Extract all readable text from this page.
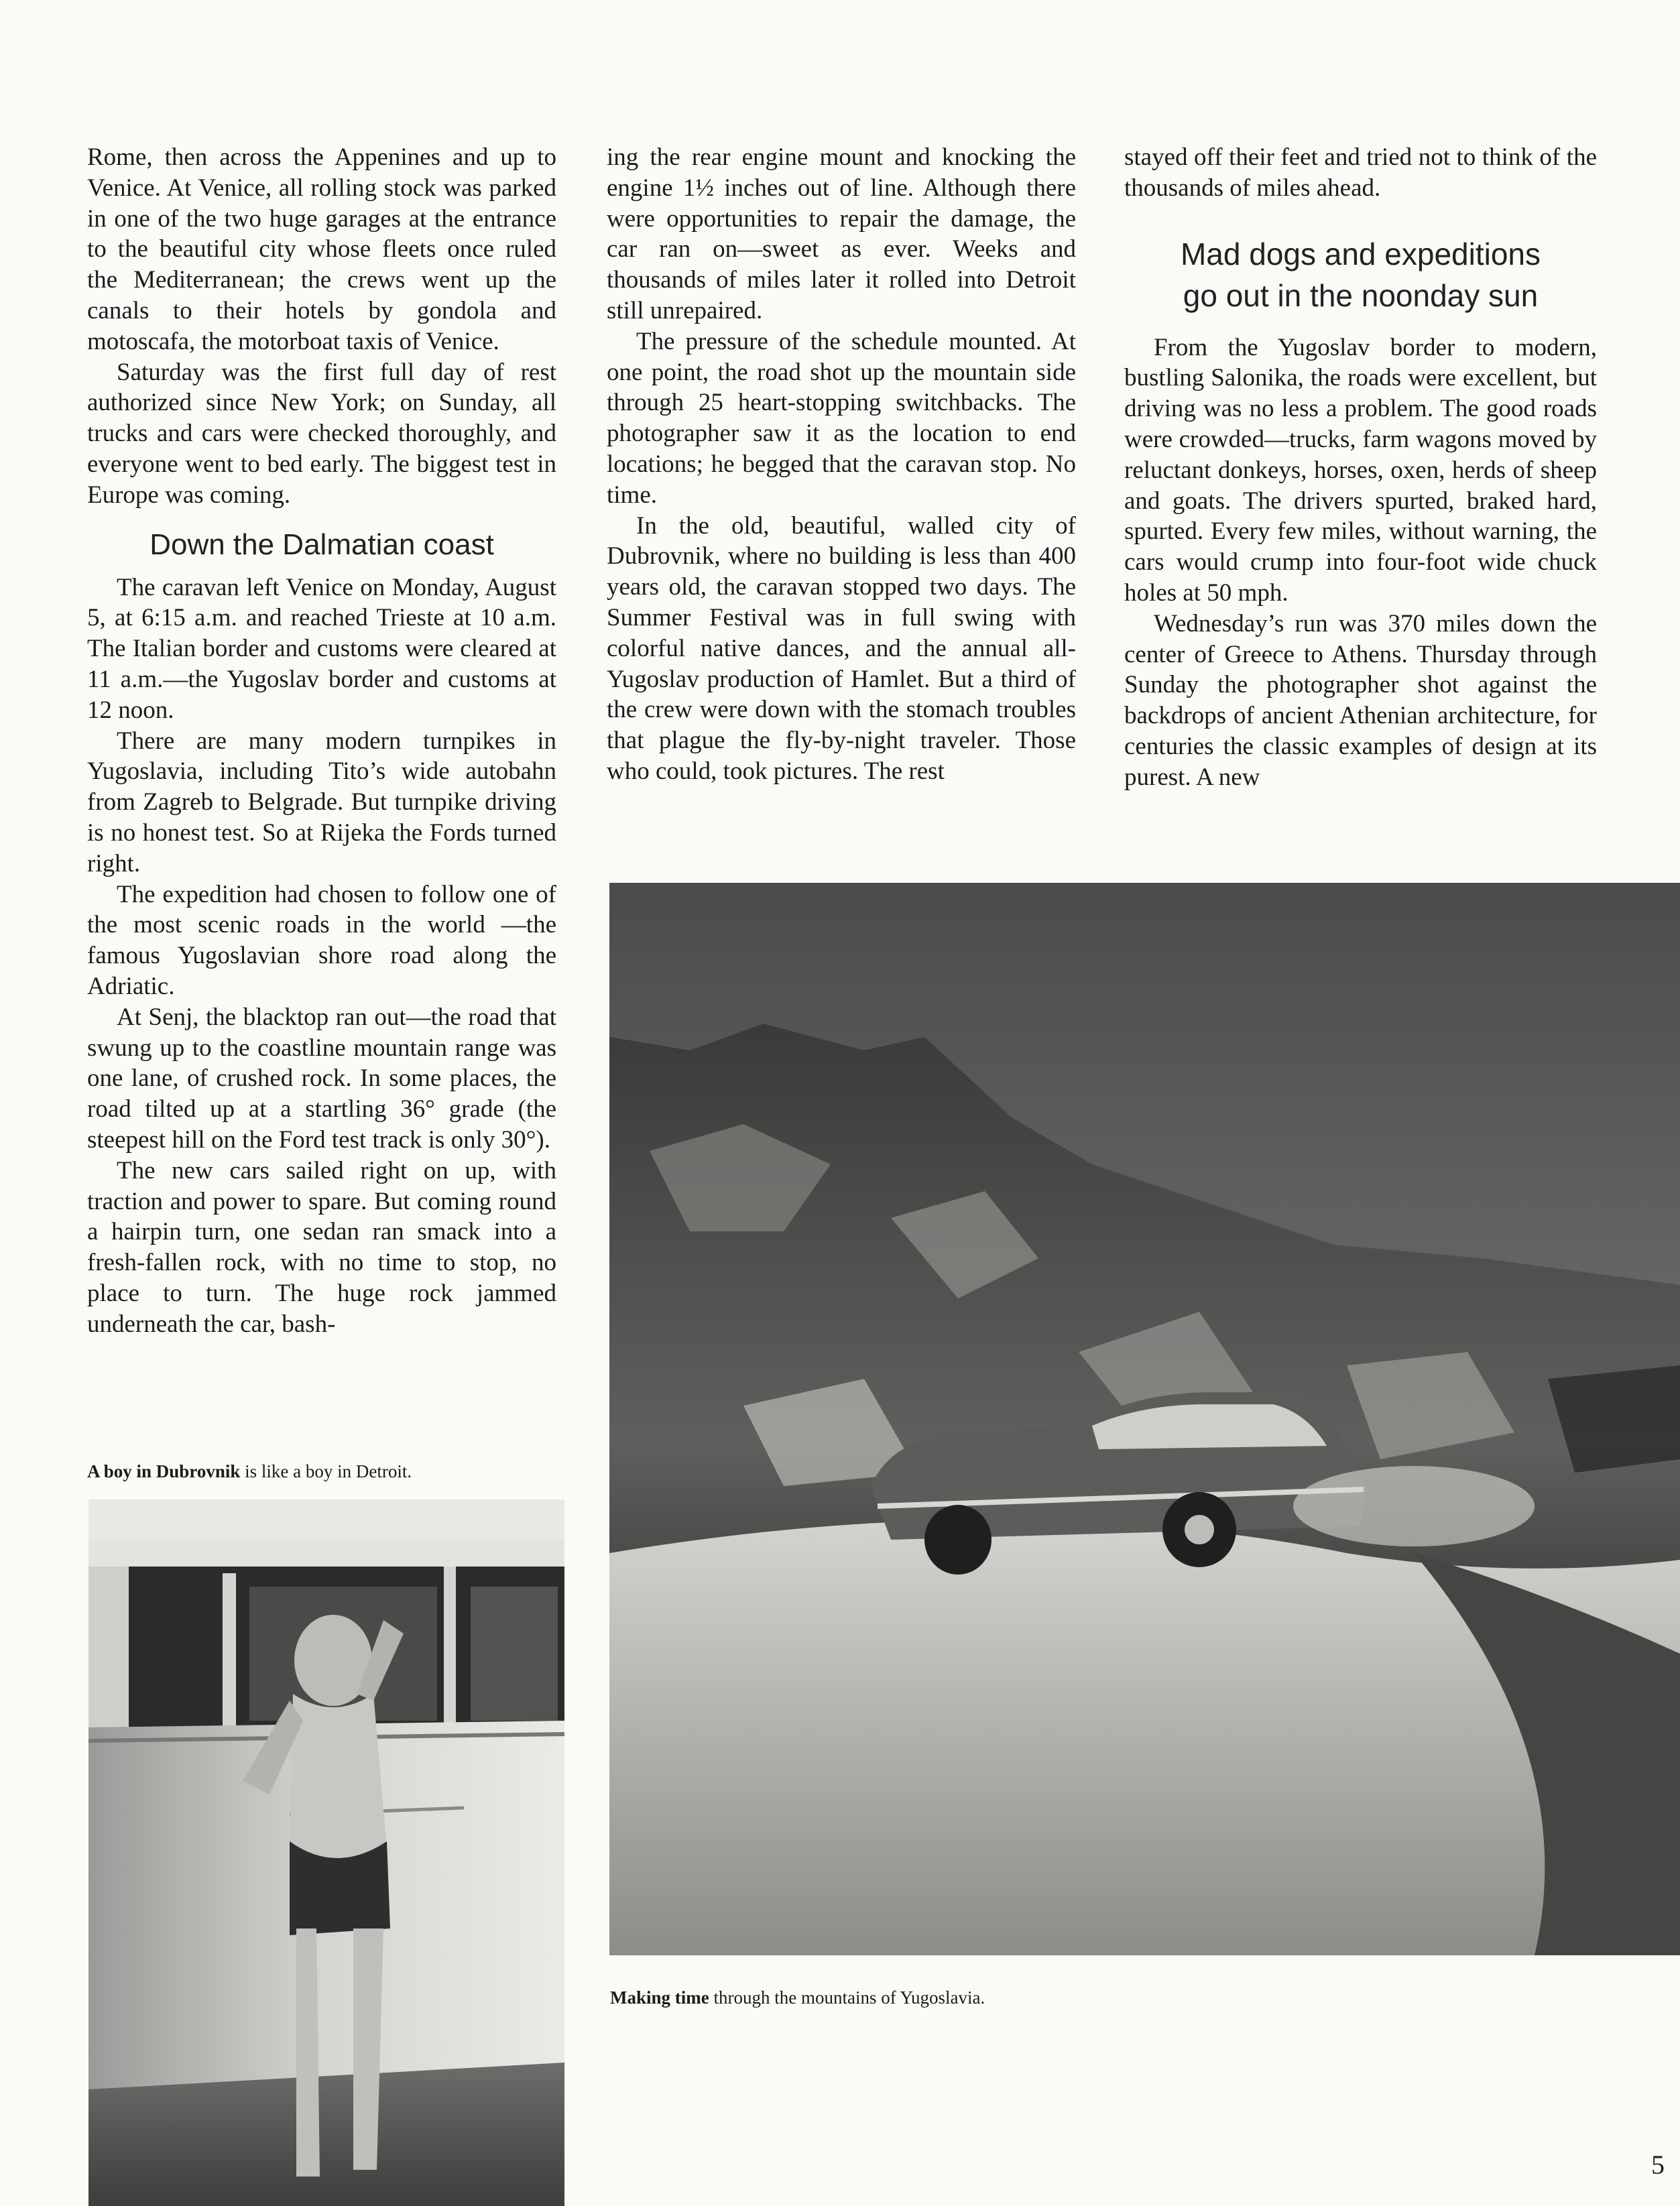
Rome, then across the Appenines and up to Venice. At Venice, all rolling stock was parked in one of the two huge garages at the entrance to the beautiful city whose fleets once ruled the Mediterranean; the crews went up the canals to their hotels by gondola and motoscafa, the motorboat taxis of Venice.

Saturday was the first full day of rest authorized since New York; on Sunday, all trucks and cars were checked thoroughly, and everyone went to bed early. The biggest test in Europe was coming.

Down the Dalmatian coast

The caravan left Venice on Monday, August 5, at 6:15 a.m. and reached Trieste at 10 a.m. The Italian border and customs were cleared at 11 a.m.—the Yugoslav border and customs at 12 noon.

There are many modern turnpikes in Yugoslavia, including Tito’s wide autobahn from Zagreb to Belgrade. But turnpike driving is no honest test. So at Rijeka the Fords turned right.

The expedition had chosen to follow one of the most scenic roads in the world —the famous Yugoslavian shore road along the Adriatic.

At Senj, the blacktop ran out—the road that swung up to the coastline mountain range was one lane, of crushed rock. In some places, the road tilted up at a startling 36° grade (the steepest hill on the Ford test track is only 30°).

The new cars sailed right on up, with traction and power to spare. But coming round a hairpin turn, one sedan ran smack into a fresh-fallen rock, with no time to stop, no place to turn. The huge rock jammed underneath the car, bash-

ing the rear engine mount and knocking the engine 1½ inches out of line. Although there were opportunities to repair the damage, the car ran on—sweet as ever. Weeks and thousands of miles later it rolled into Detroit still unrepaired.

The pressure of the schedule mounted. At one point, the road shot up the mountain side through 25 heart-stopping switchbacks. The photographer saw it as the location to end locations; he begged that the caravan stop. No time.

In the old, beautiful, walled city of Dubrovnik, where no building is less than 400 years old, the caravan stopped two days. The Summer Festival was in full swing with colorful native dances, and the annual all-Yugoslav production of Hamlet. But a third of the crew were down with the stomach troubles that plague the fly-by-night traveler. Those who could, took pictures. The rest

stayed off their feet and tried not to think of the thousands of miles ahead.

Mad dogs and expeditions
go out in the noonday sun

From the Yugoslav border to modern, bustling Salonika, the roads were excellent, but driving was no less a problem. The good roads were crowded—trucks, farm wagons moved by reluctant donkeys, horses, oxen, herds of sheep and goats. The drivers spurted, braked hard, spurted. Every few miles, without warning, the cars would crump into four-foot wide chuck holes at 50 mph.

Wednesday’s run was 370 miles down the center of Greece to Athens. Thursday through Sunday the photographer shot against the backdrops of ancient Athenian architecture, for centuries the classic examples of design at its purest. A new

A boy in Dubrovnik is like a boy in Detroit.
Making time through the mountains of Yugoslavia.
5
